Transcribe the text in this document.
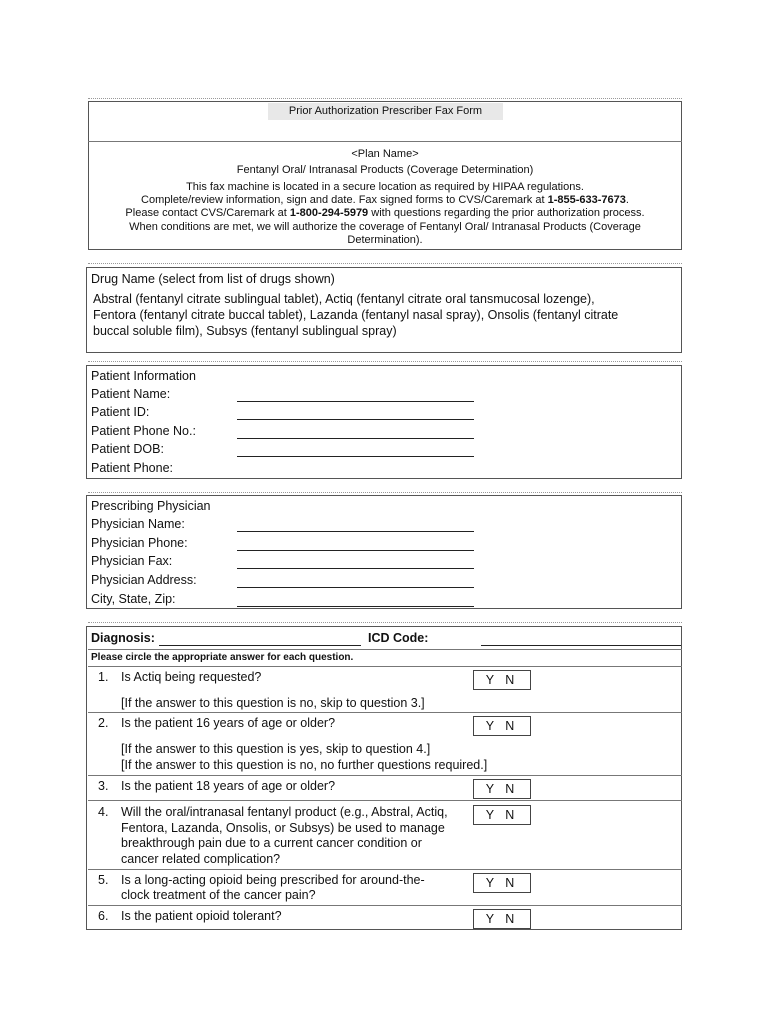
Prior Authorization Prescriber Fax Form
<Plan Name>
Fentanyl Oral/ Intranasal Products (Coverage Determination)
This fax machine is located in a secure location as required by HIPAA regulations.
Complete/review information, sign and date. Fax signed forms to CVS/Caremark at 1-855-633-7673.
Please contact CVS/Caremark at 1-800-294-5979 with questions regarding the prior authorization process.
When conditions are met, we will authorize the coverage of Fentanyl Oral/ Intranasal Products (Coverage
Determination).
Drug Name (select from list of drugs shown)
Abstral (fentanyl citrate sublingual tablet), Actiq (fentanyl citrate oral tansmucosal lozenge),
Fentora (fentanyl citrate buccal tablet), Lazanda (fentanyl nasal spray), Onsolis (fentanyl citrate
buccal soluble film), Subsys (fentanyl sublingual spray)
Patient Information
Patient Name:
Patient ID:
Patient Phone No.:
Patient DOB:
Patient Phone:
Prescribing Physician
Physician Name:
Physician Phone:
Physician Fax:
Physician Address:
City, State, Zip:
Diagnosis:	ICD Code:
Please circle the appropriate answer for each question.
1. Is Actiq being requested?	Y N
[If the answer to this question is no, skip to question 3.]
2. Is the patient 16 years of age or older?	Y N
[If the answer to this question is yes, skip to question 4.]
[If the answer to this question is no, no further questions required.]
3. Is the patient 18 years of age or older?	Y N
4. Will the oral/intranasal fentanyl product (e.g., Abstral, Actiq,
Fentora, Lazanda, Onsolis, or Subsys) be used to manage
breakthrough pain due to a current cancer condition or
cancer related complication?
Y N
5. Is a long-acting opioid being prescribed for around-the-
clock treatment of the cancer pain?
Y N
6. Is the patient opioid tolerant?	Y N
